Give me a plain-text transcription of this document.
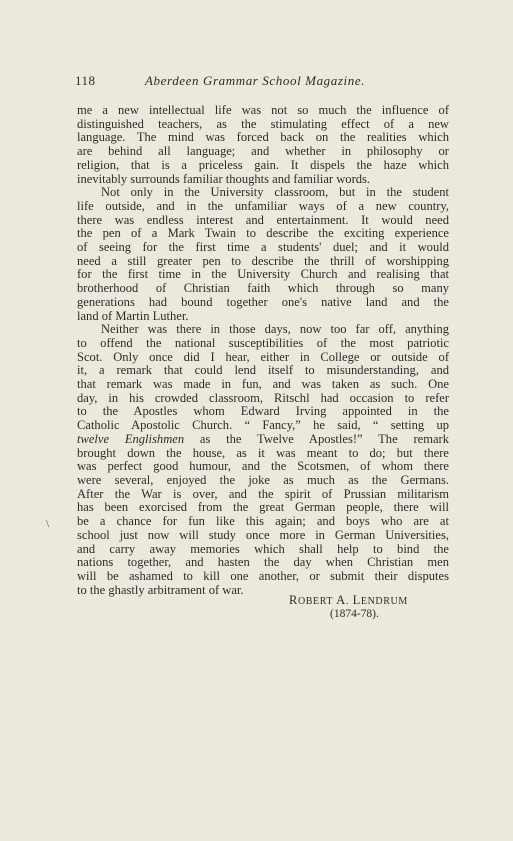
118	Aberdeen Grammar School Magazine.

me a new intellectual life was not so much the influence of
distinguished teachers, as the stimulating effect of a new
language. The mind was forced back on the realities which
are behind all language; and whether in philosophy or
religion, that is a priceless gain. It dispels the haze which
inevitably surrounds familiar thoughts and familiar words.

Not only in the University classroom, but in the student
life outside, and in the unfamiliar ways of a new country,
there was endless interest and entertainment. It would need
the pen of a Mark Twain to describe the exciting experience
of seeing for the first time a students' duel; and it would
need a still greater pen to describe the thrill of worshipping
for the first time in the University Church and realising that
brotherhood of Christian faith which through so many
generations had bound together one's native land and the
land of Martin Luther.

Neither was there in those days, now too far off, anything
to offend the national susceptibilities of the most patriotic
Scot. Only once did I hear, either in College or outside of
it, a remark that could lend itself to misunderstanding, and
that remark was made in fun, and was taken as such. One
day, in his crowded classroom, Ritschl had occasion to refer
to the Apostles whom Edward Irving appointed in the
Catholic Apostolic Church. “ Fancy,” he said, “ setting up
twelve Englishmen as the Twelve Apostles!” The remark
brought down the house, as it was meant to do; but there
was perfect good humour, and the Scotsmen, of whom there
were several, enjoyed the joke as much as the Germans.
After the War is over, and the spirit of Prussian militarism
has been exorcised from the great German people, there will
be a chance for fun like this again; and boys who are at
school just now will study once more in German Universities,
and carry away memories which shall help to bind the
nations together, and hasten the day when Christian men
will be ashamed to kill one another, or submit their disputes
to the ghastly arbitrament of war.

\
ROBERT A. LENDRUM
(1874-78).
